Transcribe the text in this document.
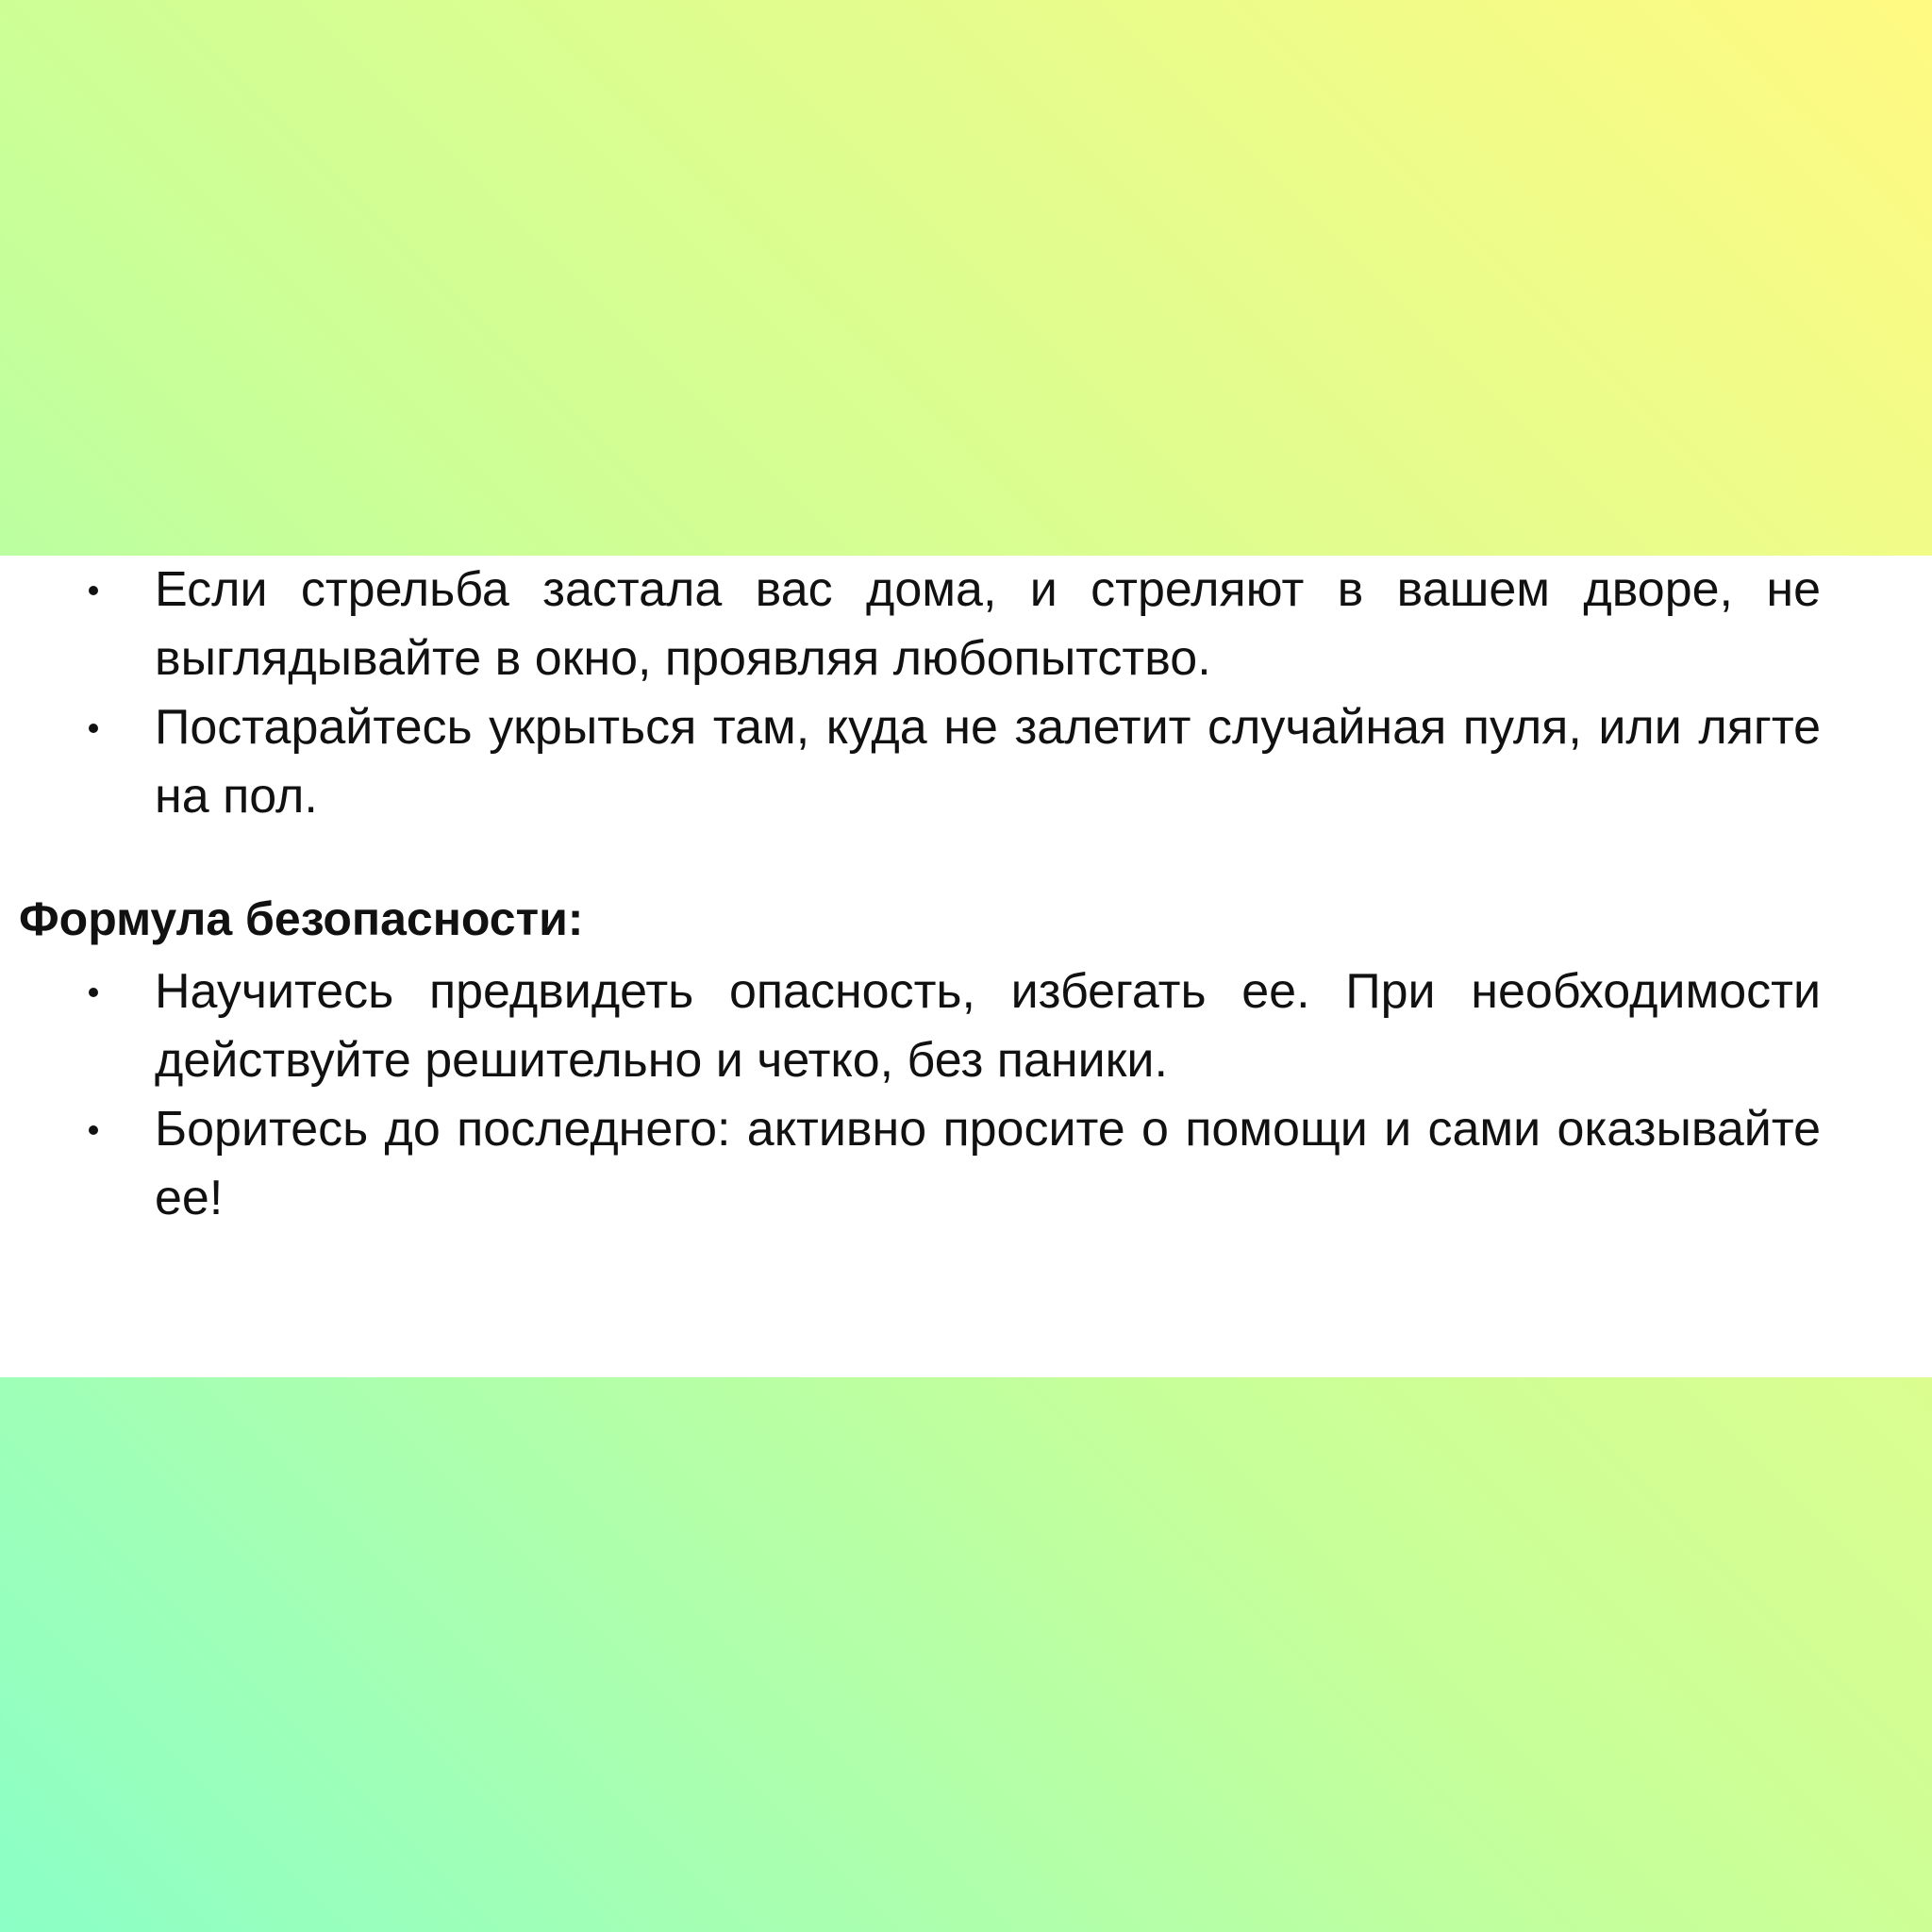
Если стрельба застала вас дома, и стреляют в вашем дворе, не выглядывайте в окно, проявляя любопытство.
Постарайтесь укрыться там, куда не залетит случайная пуля, или лягте на пол.
Формула безопасности:
Научитесь предвидеть опасность, избегать ее. При необходимости действуйте решительно и четко, без паники.
Боритесь до последнего: активно просите о помощи и сами оказывайте ее!
